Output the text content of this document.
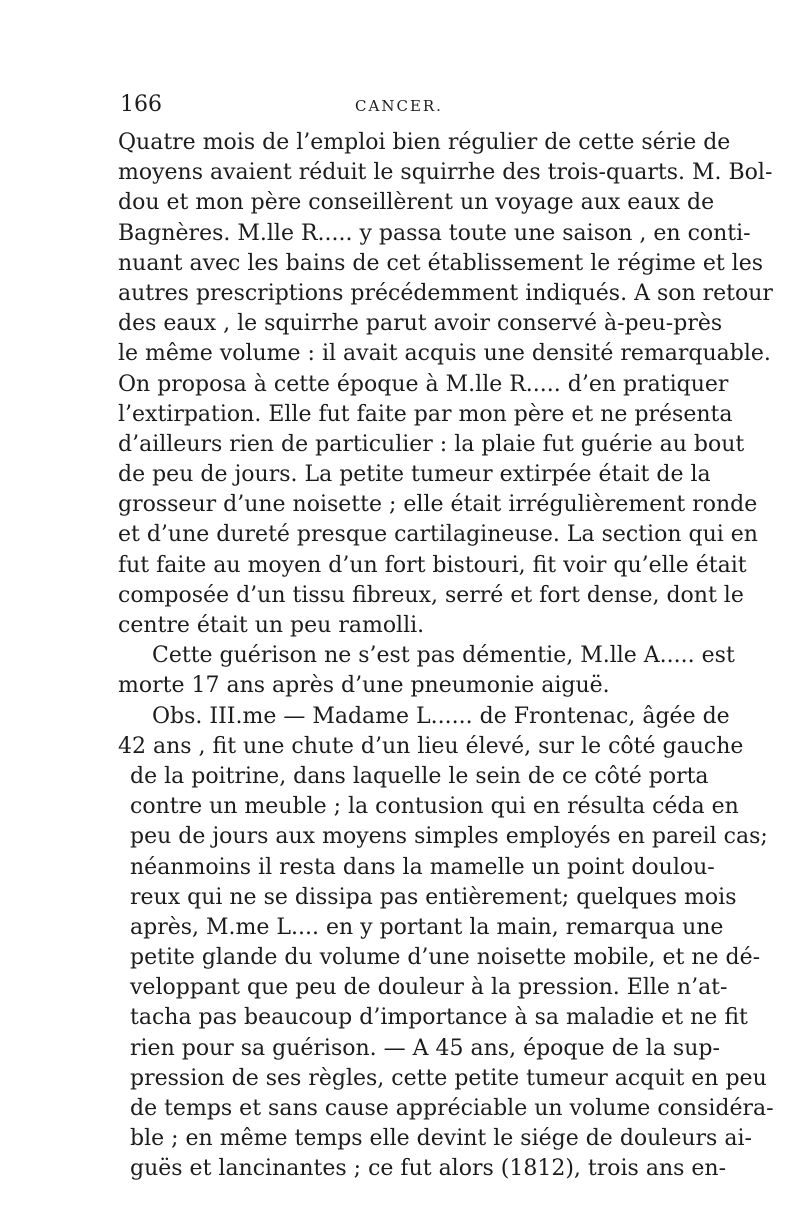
166	CANCER.
Quatre mois de l’emploi bien régulier de cette série de
moyens avaient réduit le squirrhe des trois-quarts. M. Bol-
dou et mon père conseillèrent un voyage aux eaux de
Bagnères. M.lle R..... y passa toute une saison , en conti-
nuant avec les bains de cet établissement le régime et les
autres prescriptions précédemment indiqués. A son retour
des eaux , le squirrhe parut avoir conservé à-peu-près
le même volume : il avait acquis une densité remarquable.
On proposa à cette époque à M.lle R..... d’en pratiquer
l’extirpation. Elle fut faite par mon père et ne présenta
d’ailleurs rien de particulier : la plaie fut guérie au bout
de peu de jours. La petite tumeur extirpée était de la
grosseur d’une noisette ; elle était irrégulièrement ronde
et d’une dureté presque cartilagineuse. La section qui en
fut faite au moyen d’un fort bistouri, fit voir qu’elle était
composée d’un tissu fibreux, serré et fort dense, dont le
centre était un peu ramolli.
Cette guérison ne s’est pas démentie, M.lle A..... est
morte 17 ans après d’une pneumonie aiguë.
Obs. III.me — Madame L...... de Frontenac, âgée de
42 ans , fit une chute d’un lieu élevé, sur le côté gauche
de la poitrine, dans laquelle le sein de ce côté porta
contre un meuble ; la contusion qui en résulta céda en
peu de jours aux moyens simples employés en pareil cas;
néanmoins il resta dans la mamelle un point doulou-
reux qui ne se dissipa pas entièrement; quelques mois
après, M.me L.... en y portant la main, remarqua une
petite glande du volume d’une noisette mobile, et ne dé-
veloppant que peu de douleur à la pression. Elle n’at-
tacha pas beaucoup d’importance à sa maladie et ne fit
rien pour sa guérison. — A 45 ans, époque de la sup-
pression de ses règles, cette petite tumeur acquit en peu
de temps et sans cause appréciable un volume considéra-
ble ; en même temps elle devint le siége de douleurs ai-
guës et lancinantes ; ce fut alors (1812), trois ans en-
